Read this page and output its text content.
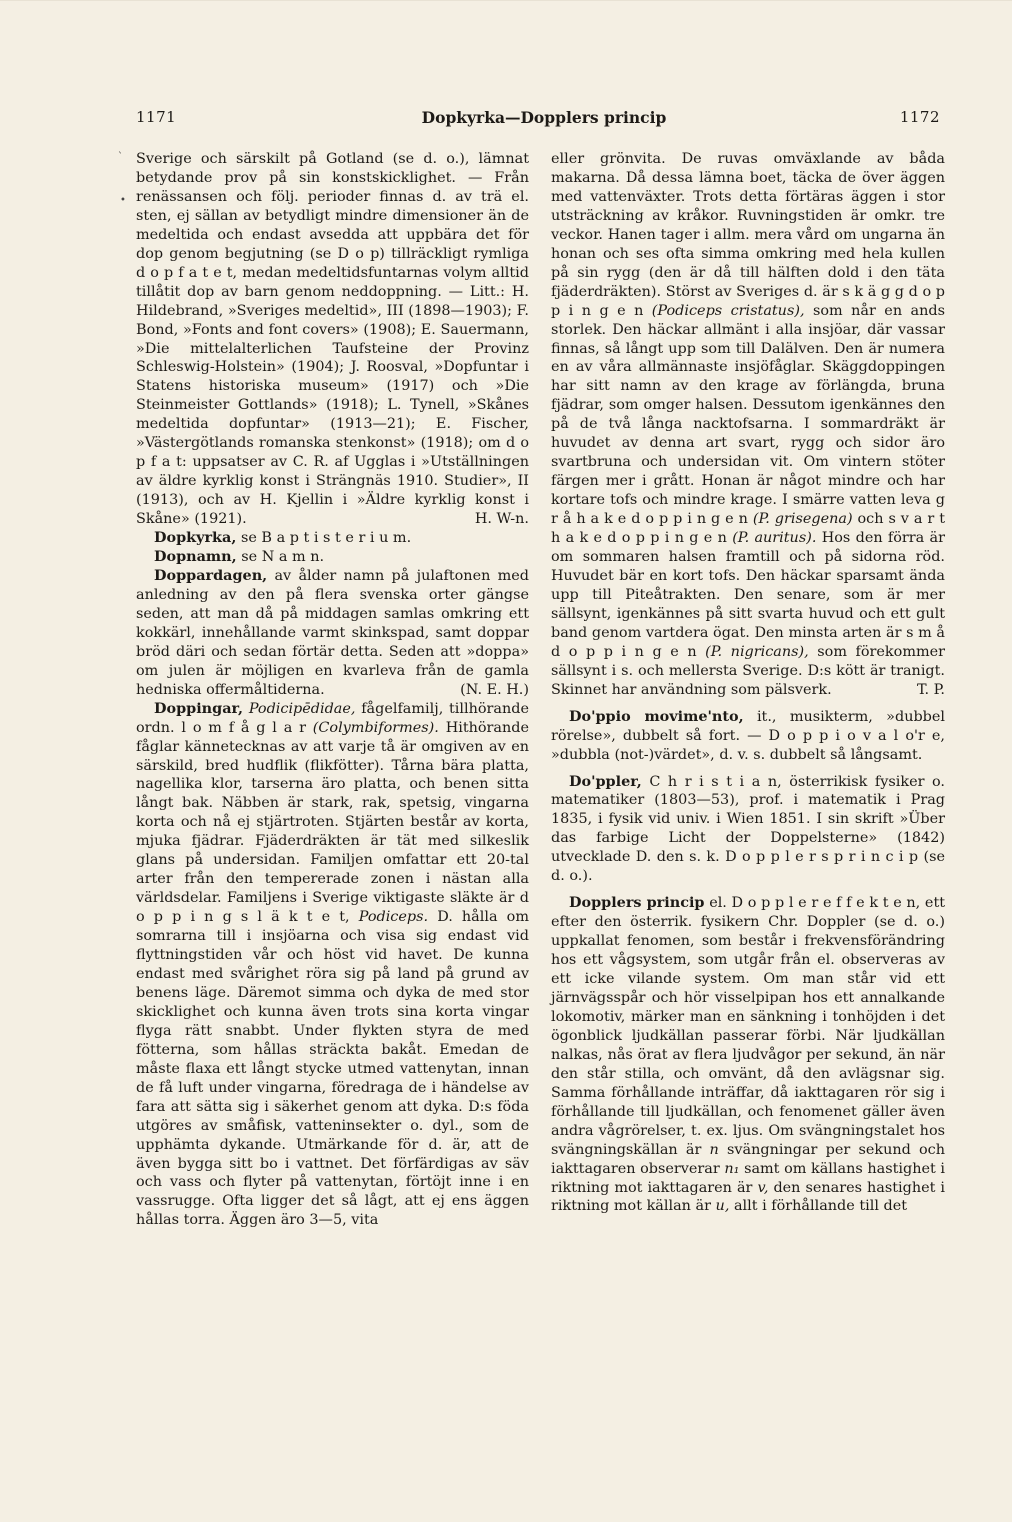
`
•
1171	Dopkyrka—Dopplers princip	1172

Sverige och särskilt på Gotland (se d. o.), lämnat betydande prov på sin konstskicklighet. — Från renässansen och följ. perioder finnas d. av trä el. sten, ej sällan av betydligt mindre dimensioner än de medeltida och endast avsedda att uppbära det för dop genom begjutning (se D o p) tillräckligt rymliga d o p f a t e t, medan medeltidsfuntarnas volym alltid tillåtit dop av barn genom neddoppning. — Litt.: H. Hildebrand, »Sveriges medeltid», III (1898—1903); F. Bond, »Fonts and font covers» (1908); E. Sauermann, »Die mittelalterlichen Taufsteine der Provinz Schleswig-Holstein» (1904); J. Roosval, »Dopfuntar i Statens historiska museum» (1917) och »Die Steinmeister Gottlands» (1918); L. Tynell, »Skånes medeltida dopfuntar» (1913—21); E. Fischer, »Västergötlands romanska stenkonst» (1918); om d o p f a t: uppsatser av C. R. af Ugglas i »Utställningen av äldre kyrklig konst i Strängnäs 1910. Studier», II (1913), och av H. Kjellin i »Äldre kyrklig konst i Skåne» (1921).	H. W-n.

Dopkyrka, se B a p t i s t e r i u m.

Dopnamn, se N a m n.

Doppardagen, av ålder namn på julaftonen med anledning av den på flera svenska orter gängse seden, att man då på middagen samlas omkring ett kokkärl, innehållande varmt skinkspad, samt doppar bröd däri och sedan förtär detta. Seden att »doppa» om julen är möjligen en kvarleva från de gamla hedniska offermåltiderna.	(N. E. H.)

Doppingar, Podicipēdidae, fågelfamilj, tillhörande ordn. l o m f å g l a r (Colymbiformes). Hithörande fåglar kännetecknas av att varje tå är omgiven av en särskild, bred hudflik (flikfötter). Tårna bära platta, nagellika klor, tarserna äro platta, och benen sitta långt bak. Näbben är stark, rak, spetsig, vingarna korta och nå ej stjärtroten. Stjärten består av korta, mjuka fjädrar. Fjäderdräkten är tät med silkeslik glans på undersidan. Familjen omfattar ett 20-tal arter från den tempererade zonen i nästan alla världsdelar. Familjens i Sverige viktigaste släkte är d o p p i n g s l ä k t e t, Podiceps. D. hålla om somrarna till i insjöarna och visa sig endast vid flyttningstiden vår och höst vid havet. De kunna endast med svårighet röra sig på land på grund av benens läge. Däremot simma och dyka de med stor skicklighet och kunna även trots sina korta vingar flyga rätt snabbt. Under flykten styra de med fötterna, som hållas sträckta bakåt. Emedan de måste flaxa ett långt stycke utmed vattenytan, innan de få luft under vingarna, föredraga de i händelse av fara att sätta sig i säkerhet genom att dyka. D:s föda utgöres av småfisk, vatteninsekter o. dyl., som de upphämta dykande. Utmärkande för d. är, att de även bygga sitt bo i vattnet. Det förfärdigas av säv och vass och flyter på vattenytan, förtöjt inne i en vassrugge. Ofta ligger det så lågt, att ej ens äggen hållas torra. Äggen äro 3—5, vita

eller grönvita. De ruvas omväxlande av båda makarna. Då dessa lämna boet, täcka de över äggen med vattenväxter. Trots detta förtäras äggen i stor utsträckning av kråkor. Ruvningstiden är omkr. tre veckor. Hanen tager i allm. mera vård om ungarna än honan och ses ofta simma omkring med hela kullen på sin rygg (den är då till hälften dold i den täta fjäderdräkten). Störst av Sveriges d. är s k ä g g d o p p i n g e n (Podiceps cristatus), som når en ands storlek. Den häckar allmänt i alla insjöar, där vassar finnas, så långt upp som till Dalälven. Den är numera en av våra allmännaste insjöfåglar. Skäggdoppingen har sitt namn av den krage av förlängda, bruna fjädrar, som omger halsen. Dessutom igenkännes den på de två långa nacktofsarna. I sommardräkt är huvudet av denna art svart, rygg och sidor äro svartbruna och undersidan vit. Om vintern stöter färgen mer i grått. Honan är något mindre och har kortare tofs och mindre krage. I smärre vatten leva g r å h a k e d o p p i n g e n (P. grisegena) och s v a r t h a k e d o p p i n g e n (P. auritus). Hos den förra är om sommaren halsen framtill och på sidorna röd. Huvudet bär en kort tofs. Den häckar sparsamt ända upp till Piteåtrakten. Den senare, som är mer sällsynt, igenkännes på sitt svarta huvud och ett gult band genom vartdera ögat. Den minsta arten är s m å d o p p i n g e n (P. nigricans), som förekommer sällsynt i s. och mellersta Sverige. D:s kött är tranigt. Skinnet har användning som pälsverk.	T. P.

Do'ppio movime'nto, it., musikterm, »dubbel rörelse», dubbelt så fort. — D o p p i o v a l o'r e, »dubbla (not-)värdet», d. v. s. dubbelt så långsamt.

Do'ppler, C h r i s t i a n, österrikisk fysiker o. matematiker (1803—53), prof. i matematik i Prag 1835, i fysik vid univ. i Wien 1851. I sin skrift »Über das farbige Licht der Doppelsterne» (1842) utvecklade D. den s. k. D o p p l e r s p r i n c i p (se d. o.).

Dopplers princip el. D o p p l e r e f f e k t e n, ett efter den österrik. fysikern Chr. Doppler (se d. o.) uppkallat fenomen, som består i frekvensförändring hos ett vågsystem, som utgår från el. observeras av ett icke vilande system. Om man står vid ett järnvägsspår och hör visselpipan hos ett annalkande lokomotiv, märker man en sänkning i tonhöjden i det ögonblick ljudkällan passerar förbi. När ljudkällan nalkas, nås örat av flera ljudvågor per sekund, än när den står stilla, och omvänt, då den avlägsnar sig. Samma förhållande inträffar, då iakttagaren rör sig i förhållande till ljudkällan, och fenomenet gäller även andra vågrörelser, t. ex. ljus. Om svängningstalet hos svängningskällan är n svängningar per sekund och iakttagaren observerar n₁ samt om källans hastighet i riktning mot iakttagaren är v, den senares hastighet i riktning mot källan är u, allt i förhållande till det
